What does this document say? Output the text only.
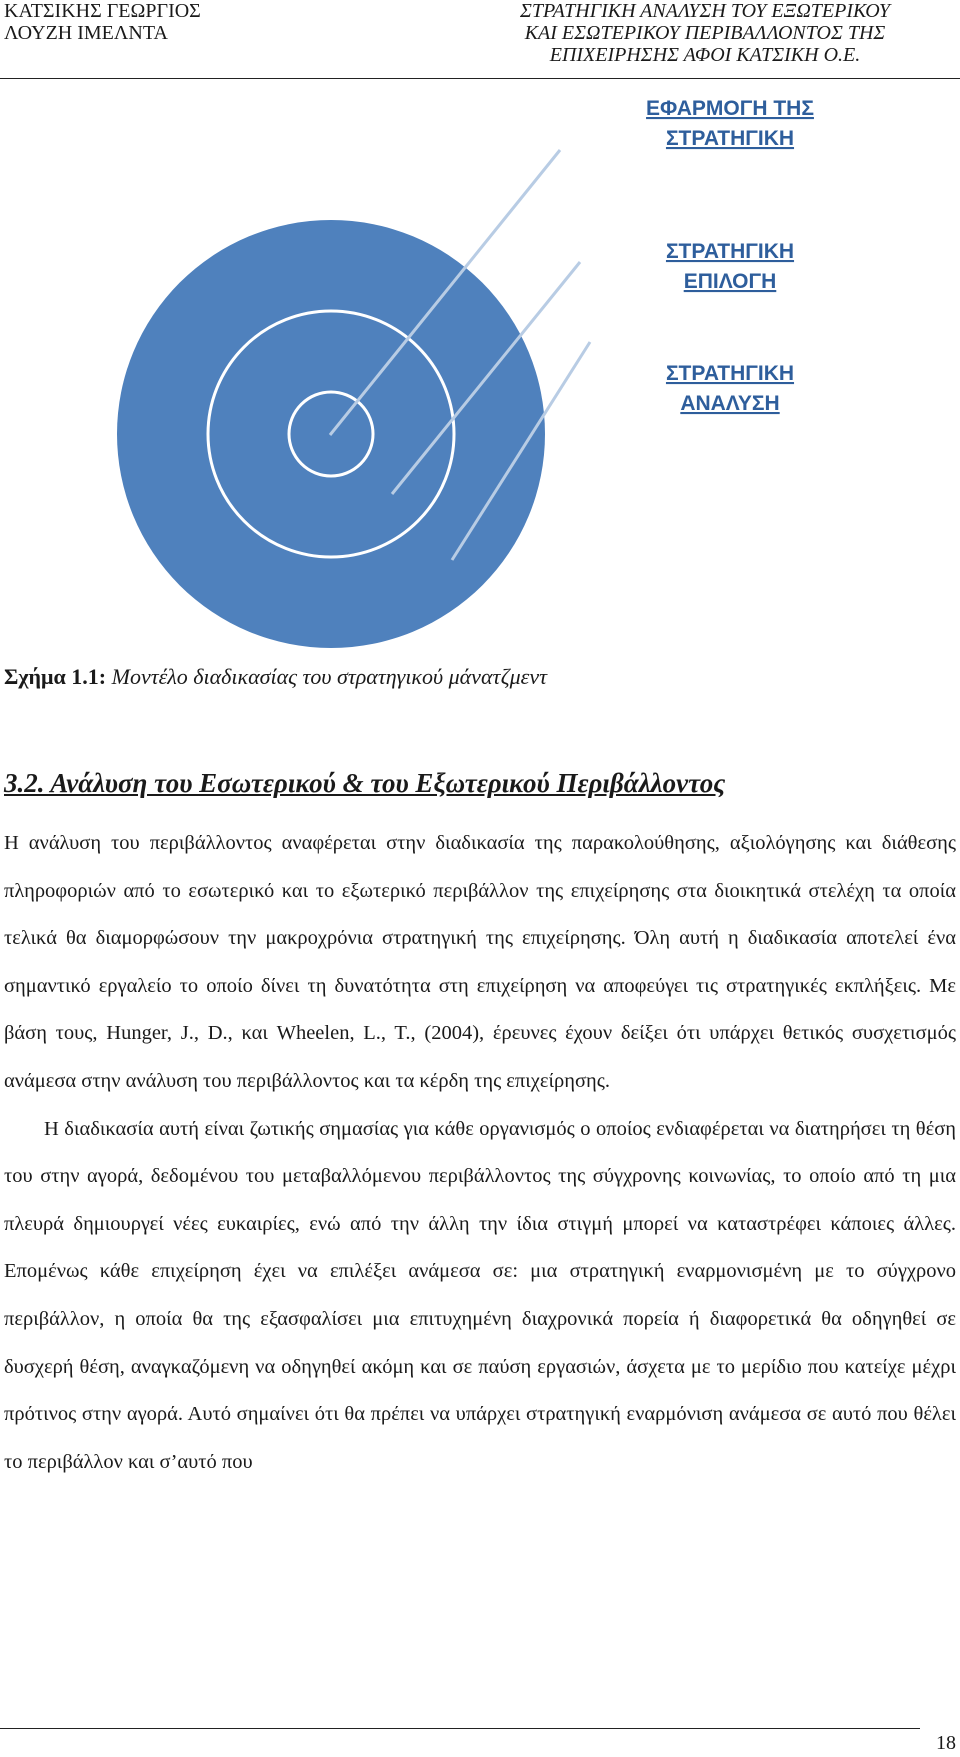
ΚΑΤΣΙΚΗΣ ΓΕΩΡΓΙΟΣ
ΛΟΥΖΗ ΙΜΕΛΝΤΑ
ΣΤΡΑΤΗΓΙΚΗ ΑΝΑΛΥΣΗ ΤΟΥ ΕΞΩΤΕΡΙΚΟΥ
ΚΑΙ ΕΣΩΤΕΡΙΚΟΥ ΠΕΡΙΒΑΛΛΟΝΤΟΣ ΤΗΣ
ΕΠΙΧΕΙΡΗΣΗΣ ΑΦΟΙ ΚΑΤΣΙΚΗ Ο.Ε.
ΕΦΑΡΜΟΓΗ ΤΗΣ
ΣΤΡΑΤΗΓΙΚΗ
ΣΤΡΑΤΗΓΙΚΗ
ΕΠΙΛΟΓΗ
ΣΤΡΑΤΗΓΙΚΗ
ΑΝΑΛΥΣΗ
Σχήμα 1.1: Μοντέλο διαδικασίας του στρατηγικού μάνατζμεντ
3.2. Ανάλυση του Εσωτερικού & του Εξωτερικού Περιβάλλοντος

Η ανάλυση του περιβάλλοντος αναφέρεται στην διαδικασία της παρακολούθησης, αξιολόγησης και διάθεσης πληροφοριών από το εσωτερικό και το εξωτερικό περιβάλλον της επιχείρησης στα διοικητικά στελέχη τα οποία τελικά θα διαμορφώσουν την μακροχρόνια στρατηγική της επιχείρησης. Όλη αυτή η διαδικασία αποτελεί ένα σημαντικό εργαλείο το οποίο δίνει τη δυνατότητα στη επιχείρηση να αποφεύγει τις στρατηγικές εκπλήξεις. Με βάση τους, Hunger, J., D., και Wheelen, L., T., (2004), έρευνες έχουν δείξει ότι υπάρχει θετικός συσχετισμός ανάμεσα στην ανάλυση του περιβάλλοντος και τα κέρδη της επιχείρησης.

Η διαδικασία αυτή είναι ζωτικής σημασίας για κάθε οργανισμός ο οποίος ενδιαφέρεται να διατηρήσει τη θέση του στην αγορά, δεδομένου του μεταβαλλόμενου περιβάλλοντος της σύγχρονης κοινωνίας, το οποίο από τη μια πλευρά δημιουργεί νέες ευκαιρίες, ενώ από την άλλη την ίδια στιγμή μπορεί να καταστρέφει κάποιες άλλες. Επομένως κάθε επιχείρηση έχει να επιλέξει ανάμεσα σε: μια στρατηγική εναρμονισμένη με το σύγχρονο περιβάλλον, η οποία θα της εξασφαλίσει μια επιτυχημένη διαχρονικά πορεία ή διαφορετικά θα οδηγηθεί σε δυσχερή θέση, αναγκαζόμενη να οδηγηθεί ακόμη και σε παύση εργασιών, άσχετα με το μερίδιο που κατείχε μέχρι πρότινος στην αγορά. Αυτό σημαίνει ότι θα πρέπει να υπάρχει στρατηγική εναρμόνιση ανάμεσα σε αυτό που θέλει το περιβάλλον και σ’αυτό που

18
